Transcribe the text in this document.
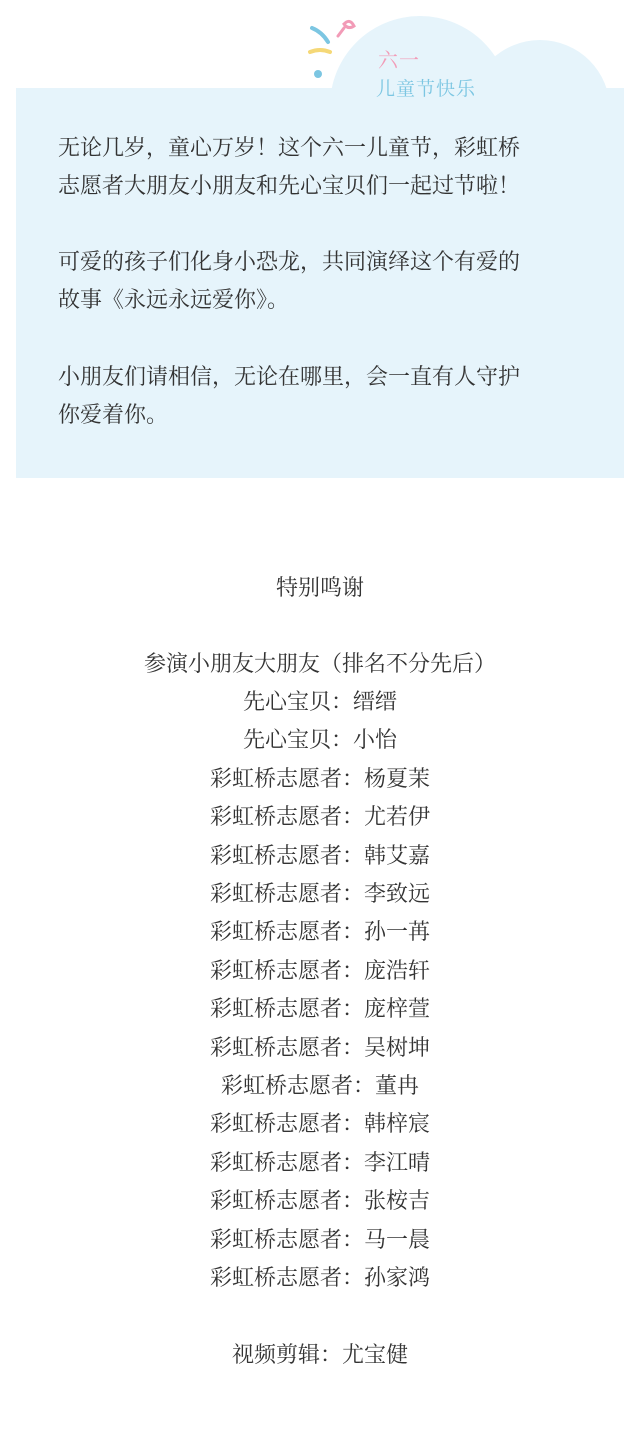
六一
儿童节快乐
无论几岁，童心万岁！这个六一儿童节，彩虹桥
志愿者大朋友小朋友和先心宝贝们一起过节啦！
可爱的孩子们化身小恐龙，共同演绎这个有爱的
故事《永远永远爱你》。
小朋友们请相信，无论在哪里，会一直有人守护
你爱着你。
特别鸣谢
参演小朋友大朋友（排名不分先后）
先心宝贝：缙缙
先心宝贝：小怡
彩虹桥志愿者：杨夏茉
彩虹桥志愿者：尤若伊
彩虹桥志愿者：韩艾嘉
彩虹桥志愿者：李致远
彩虹桥志愿者：孙一苒
彩虹桥志愿者：庞浩轩
彩虹桥志愿者：庞梓萱
彩虹桥志愿者：吴树坤
彩虹桥志愿者：董冉
彩虹桥志愿者：韩梓宸
彩虹桥志愿者：李江晴
彩虹桥志愿者：张桉吉
彩虹桥志愿者：马一晨
彩虹桥志愿者：孙家鸿
视频剪辑：尤宝健
